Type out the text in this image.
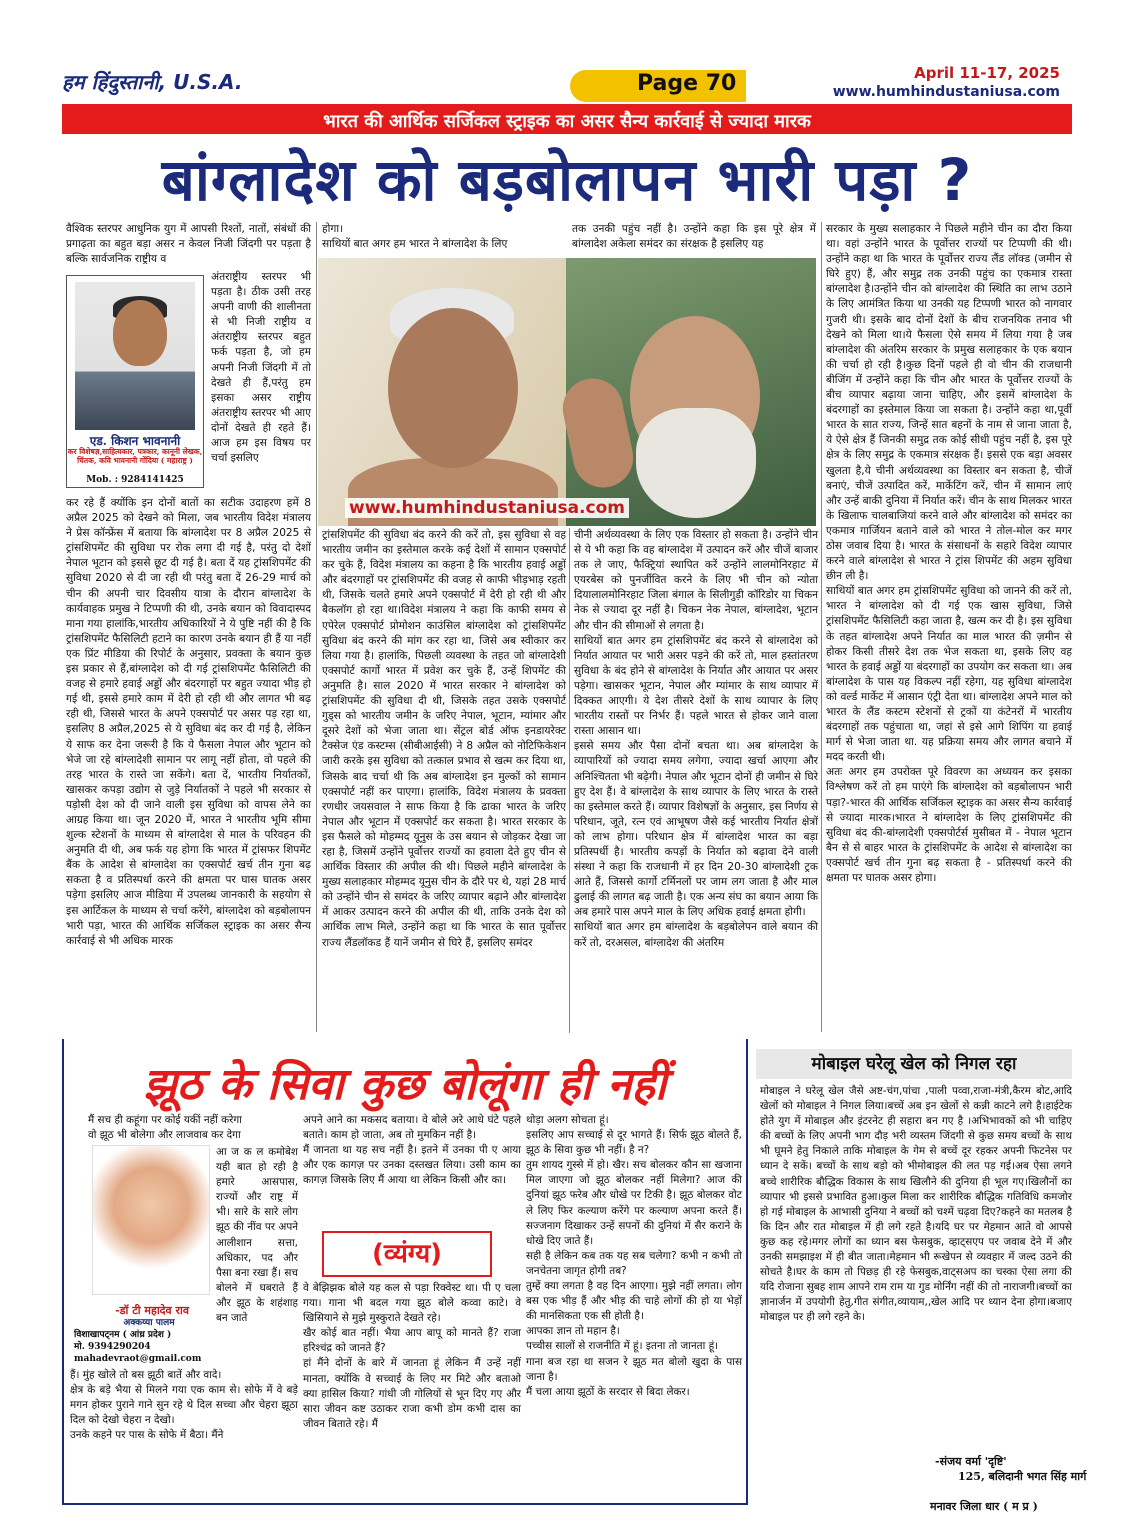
हम हिंदुस्तानी, U.S.A.	Page 70	April 11-17, 2025
www.humhindustaniusa.com
भारत की आर्थिक सर्जिकल स्ट्राइक का असर सैन्य कार्रवाई से ज्यादा मारक
बांग्लादेश को बड़बोलापन भारी पड़ा ?
वैश्विक स्तरपर आधुनिक युग में आपसी रिश्तों, नातों, संबंधों की प्रगाढ़ता का बहुत बड़ा असर न केवल निजी जिंदगी पर पड़ता है बल्कि सार्वजनिक राष्ट्रीय व
एड. किशन भावनानी
कर विशेषज्ञ,साहित्यकार, पत्रकार, कानूनी लेखक, चिंतक, कवि भावनानी गोंदिया ( महाराष्ट्र )
Mob. : 9284141425
अंतराष्ट्रीय स्तरपर भी पड़ता है। ठीक उसी तरह अपनी वाणी की शालीनता से भी निजी राष्ट्रीय व अंतराष्ट्रीय स्तरपर बहुत फर्क पड़ता है, जो हम अपनी निजी जिंदगी में तो देखते ही हैं,परंतु हम इसका असर राष्ट्रीय अंतराष्ट्रीय स्तरपर भी आए दोनों देखते ही रहते हैं। आज हम इस विषय पर चर्चा इसलिए
कर रहे हैं क्योंकि इन दोनों बातों का सटीक उदाहरण हमें 8 अप्रैल 2025 को देखने को मिला, जब भारतीय विदेश मंत्रालय ने प्रेस कॉन्फ्रेंस में बताया कि बांग्लादेश पर 8 अप्रैल 2025 से ट्रांसशिपमेंट की सुविधा पर रोक लगा दी गई है, परंतु दो देशों नेपाल भूटान को इससे छूट दी गई है। बता दें यह ट्रांसशिपमेंट की सुविधा 2020 से दी जा रही थी परंतु बता दें 26-29 मार्च को चीन की अपनी चार दिवसीय यात्रा के दौरान बांग्लादेश के कार्यवाहक प्रमुख ने टिप्पणी की थी, उनके बयान को विवादास्पद माना गया हालांकि,भारतीय अधिकारियों ने ये पुष्टि नहीं की है कि ट्रांसशिपमेंट फैसिलिटी हटाने का कारण उनके बयान ही हैं या नहीं एक प्रिंट मीडिया की रिपोर्ट के अनुसार, प्रवक्ता के बयान कुछ इस प्रकार से हैं,बांग्लादेश को दी गई ट्रांसशिपमेंट फैसिलिटी की वजह से हमारे हवाई अड्डों और बंदरगाहों पर बहुत ज्यादा भीड़ हो गई थी, इससे हमारे काम में देरी हो रही थी और लागत भी बढ़ रही थी, जिससे भारत के अपने एक्सपोर्ट पर असर पड़ रहा था, इसलिए 8 अप्रैल,2025 से ये सुविधा बंद कर दी गई है, लेकिन ये साफ कर देना जरूरी है कि ये फैसला नेपाल और भूटान को भेजे जा रहे बांग्लादेशी सामान पर लागू नहीं होता, वो पहले की तरह भारत के रास्ते जा सकेंगे। बता दें, भारतीय निर्यातकों, खासकर कपड़ा उद्योग से जुड़े निर्यातकों ने पहले भी सरकार से पड़ोसी देश को दी जाने वाली इस सुविधा को वापस लेने का आग्रह किया था। जून 2020 में, भारत ने भारतीय भूमि सीमा शुल्क स्टेशनों के माध्यम से बांग्लादेश से माल के परिवहन की अनुमति दी थी, अब फर्क यह होगा कि भारत में ट्रांसफर शिपमेंट बैंक के आदेश से बांग्लादेश का एक्सपोर्ट खर्च तीन गुना बढ़ सकता है व प्रतिस्पर्धा करने की क्षमता पर घास घातक असर पड़ेगा इसलिए आज मीडिया में उपलब्ध जानकारी के सहयोग से इस आर्टिकल के माध्यम से चर्चा करेंगे, बांग्लादेश को बड़बोलापन भारी पड़ा, भारत की आर्थिक सर्जिकल स्ट्राइक का असर सैन्य कार्रवाई से भी अधिक मारक
होगा।
साथियों बात अगर हम भारत ने बांग्लादेश के लिए
तक उनकी पहुंच नहीं है। उन्होंने कहा कि इस पूरे क्षेत्र में बांग्लादेश अकेला समंदर का संरक्षक है इसलिए यह
www.humhindustaniusa.com
ट्रांसशिपमेंट की सुविधा बंद करने की करें तो, इस सुविधा से वह भारतीय जमीन का इस्तेमाल करके कई देशों में सामान एक्सपोर्ट कर चुके हैं, विदेश मंत्रालय का कहना है कि भारतीय हवाई अड्डों और बंदरगाहों पर ट्रांसशिपमेंट की वजह से काफी भीड़भाड़ रहती थी, जिसके चलते हमारे अपने एक्सपोर्ट में देरी हो रही थी और बैकलॉग हो रहा था।विदेश मंत्रालय ने कहा कि काफी समय से एपेरेल एक्सपोर्ट प्रोमोशन काउंसिल बांग्लादेश को ट्रांसशिपमेंट सुविधा बंद करने की मांग कर रहा था, जिसे अब स्वीकार कर लिया गया है। हालांकि, पिछली व्यवस्था के तहत जो बांग्लादेशी एक्सपोर्ट कार्गो भारत में प्रवेश कर चुके हैं, उन्हें शिपमेंट की अनुमति है। साल 2020 में भारत सरकार ने बांग्लादेश को ट्रांसशिपमेंट की सुविधा दी थी, जिसके तहत उसके एक्सपोर्ट गुड्स को भारतीय जमीन के जरिए नेपाल, भूटान, म्यांमार और दूसरे देशों को भेजा जाता था। सेंट्रल बोर्ड ऑफ इनडायरेक्ट टैक्सेज एंड कस्टम्स (सीबीआईसी) ने 8 अप्रैल को नोटिफिकेशन जारी करके इस सुविधा को तत्काल प्रभाव से खत्म कर दिया था, जिसके बाद चर्चा थी कि अब बांग्लादेश इन मुल्कों को सामान एक्सपोर्ट नहीं कर पाएगा। हालांकि, विदेश मंत्रालय के प्रवक्ता रणधीर जयसवाल ने साफ किया है कि ढाका भारत के जरिए नेपाल और भूटान में एक्सपोर्ट कर सकता है। भारत सरकार के इस फैसले को मोहम्मद यूनुस के उस बयान से जोड़कर देखा जा रहा है, जिसमें उन्होंने पूर्वोत्तर राज्यों का हवाला देते हुए चीन से आर्थिक विस्तार की अपील की थी। पिछले महीने बांग्लादेश के मुख्य सलाहकार मोहम्मद यूनुस चीन के दौरे पर थे, यहां 28 मार्च को उन्होंने चीन से समंदर के जरिए व्यापार बढ़ाने और बांग्लादेश में आकर उत्पादन करने की अपील की थी, ताकि उनके देश को आर्थिक लाभ मिले, उन्होंने कहा था कि भारत के सात पूर्वोत्तर राज्य लैंडलॉकड हैं यानें जमीन से घिरे हैं, इसलिए समंदर
चीनी अर्थव्यवस्था के लिए एक विस्तार हो सकता है। उन्होंने चीन से ये भी कहा कि वह बांग्लादेश में उत्पादन करें और चीजें बाजार तक ले जाए, फैक्ट्रियां स्थापित करें उन्होंने लालमोनिरहाट में एयरबेस को पुनर्जीवित करने के लिए भी चीन को न्योता दियालालमोनिरहाट जिला बंगाल के सिलीगुड़ी कॉरिडोर या चिकन नेक से ज्यादा दूर नहीं है। चिकन नेक नेपाल, बांग्लादेश, भूटान और चीन की सीमाओं से लगता है।
साथियों बात अगर हम ट्रांसशिपमेंट बंद करने से बांग्लादेश को निर्यात आयात पर भारी असर पड़ने की करें तो, माल हस्तांतरण सुविधा के बंद होने से बांग्लादेश के निर्यात और आयात पर असर पड़ेगा। खासकर भूटान, नेपाल और म्यांमार के साथ व्यापार में दिक्कत आएगी। ये देश तीसरे देशों के साथ व्यापार के लिए भारतीय रास्तों पर निर्भर हैं। पहले भारत से होकर जाने वाला रास्ता आसान था।
इससे समय और पैसा दोनों बचता था। अब बांग्लादेश के व्यापारियों को ज्यादा समय लगेगा, ज्यादा खर्चा आएगा और अनिश्चितता भी बढ़ेगी। नेपाल और भूटान दोनों ही जमीन से घिरे हुए देश हैं। वे बांग्लादेश के साथ व्यापार के लिए भारत के रास्ते का इस्तेमाल करते हैं। व्यापार विशेषज्ञों के अनुसार, इस निर्णय से परिधान, जूते, रत्न एवं आभूषण जैसे कई भारतीय निर्यात क्षेत्रों को लाभ होगा। परिधान क्षेत्र में बांग्लादेश भारत का बड़ा प्रतिस्पर्धी है। भारतीय कपड़ों के निर्यात को बढ़ावा देने वाली संस्था ने कहा कि राजधानी में हर दिन 20-30 बांग्लादेशी ट्रक आते हैं, जिससे कार्गो टर्मिनलों पर जाम लग जाता है और माल ढुलाई की लागत बढ़ जाती है। एक अन्य संघ का बयान आया कि अब हमारे पास अपने माल के लिए अधिक हवाई क्षमता होगी।
साथियों बात अगर हम बांग्लादेश के बड़बोलेपन वाले बयान की करें तो, दरअसल, बांग्लादेश की अंतरिम
सरकार के मुख्य सलाहकार ने पिछले महीने चीन का दौरा किया था। वहां उन्होंने भारत के पूर्वोत्तर राज्यों पर टिप्पणी की थी। उन्होंने कहा था कि भारत के पूर्वोत्तर राज्य लैंड लॉक्ड (जमीन से घिरे हुए) हैं, और समुद्र तक उनकी पहुंच का एकमात्र रास्ता बांग्लादेश है।उन्होंने चीन को बांग्लादेश की स्थिति का लाभ उठाने के लिए आमंत्रित किया था उनकी यह टिप्पणी भारत को नागवार गुजरी थी। इसके बाद दोनों देशों के बीच राजनयिक तनाव भी देखने को मिला था।ये फैसला ऐसे समय में लिया गया है जब बांग्लादेश की अंतरिम सरकार के प्रमुख सलाहकार के एक बयान की चर्चा हो रही है।कुछ दिनों पहले ही वो चीन की राजधानी बीजिंग में उन्होंने कहा कि चीन और भारत के पूर्वोत्तर राज्यों के बीच व्यापार बढ़ाया जाना चाहिए, और इसमें बांग्लादेश के बंदरगाहों का इस्तेमाल किया जा सकता है। उन्होंने कहा था,पूर्वी भारत के सात राज्य, जिन्हें सात बहनों के नाम से जाना जाता है, ये ऐसे क्षेत्र हैं जिनकी समुद्र तक कोई सीधी पहुंच नहीं है, इस पूरे क्षेत्र के लिए समुद्र के एकमात्र संरक्षक हैं। इससे एक बड़ा अवसर खुलता है,ये चीनी अर्थव्यवस्था का विस्तार बन सकता है, चीजें बनाएं, चीजें उत्पादित करें, मार्केटिंग करें, चीन में सामान लाएं और उन्हें बाकी दुनिया में निर्यात करें। चीन के साथ मिलकर भारत के खिलाफ चालबाजियां करने वाले और बांग्लादेश को समंदर का एकमात्र गार्जियन बताने वाले को भारत ने तोल-मोल कर मगर ठोस जवाब दिया है। भारत के संसाधनों के सहारे विदेश व्यापार करने वाले बांग्लादेश से भारत ने ट्रांस शिपमेंट की अहम सुविधा छीन ली है।
साथियों बात अगर हम ट्रांसशिपमेंट सुविधा को जानने की करें तो, भारत ने बांग्लादेश को दी गई एक खास सुविधा, जिसे ट्रांसशिपमेंट फैसिलिटी कहा जाता है, खत्म कर दी है। इस सुविधा के तहत बांग्लादेश अपने निर्यात का माल भारत की ज़मीन से होकर किसी तीसरे देश तक भेज सकता था, इसके लिए वह भारत के हवाई अड्डों या बंदरगाहों का उपयोग कर सकता था। अब बांग्लादेश के पास यह विकल्प नहीं रहेगा, यह सुविधा बांग्लादेश को वर्ल्ड मार्केट में आसान एंट्री देता था। बांग्लादेश अपने माल को भारत के लैंड कस्टम स्टेशनों से ट्रकों या कंटेनरों में भारतीय बंदरगाहों तक पहुंचाता था, जहां से इसे आगे शिपिंग या हवाई मार्ग से भेजा जाता था. यह प्रक्रिया समय और लागत बचाने में मदद करती थी।
अतः अगर हम उपरोक्त पूरे विवरण का अध्ययन कर इसका विश्लेषण करें तो हम पाएंगे कि बांग्लादेश को बड़बोलापन भारी पड़ा?-भारत की आर्थिक सर्जिकल स्ट्राइक का असर सैन्य कार्रवाई से ज्यादा मारक।भारत ने बांग्लादेश के लिए ट्रांसशिपमेंट की सुविधा बंद की-बांग्लादेशी एक्सपोर्टर्स मुसीबत में - नेपाल भूटान बैन से से बाहर भारत के ट्रांसशिपमेंट के आदेश से बांग्लादेश का एक्सपोर्ट खर्च तीन गुना बढ़ सकता है - प्रतिस्पर्धा करने की क्षमता पर घातक असर होगा।
झूठ के सिवा कुछ बोलूंगा ही नहीं
मैं सच ही कहूंगा पर कोई यकीं नहीं करेगा
वो झूठ भी बोलेगा और लाजवाब कर देगा
-डॉ टी महादेव राव
अक्कय्या पालम
विशाखापट्नम ( आंध्र प्रदेश )
मो. 9394290204
mahadevraot@gmail.com
आ ज क ल कमोबेश यही बात हो रही है हमारे आसपास, राज्यों और राष्ट्र में भी। सारे के सारे लोग झूठ की नींव पर अपने आलीशान सत्ता, अधिकार, पद और पैसा बना रखा हैं। सच बोलने में घबराते हैं और झूठ के शहंशाह बन जाते
हैं। मुंह खोले तो बस झूठी बातें और वादे।
क्षेत्र के बड़े भैया से मिलने गया एक काम से। सोफे में वे बड़े मगन होकर पुराने गाने सुन रहे थे दिल सच्चा और चेहरा झूठा दिल को देखो चेहरा न देखो।
उनके कहने पर पास के सोफे में बैठा। मैंने
अपने आने का मकसद बताया। वे बोले अरे आधे घंटे पहले बताते। काम हो जाता, अब तो मुमकिन नहीं है।
मैं जानता था यह सच नहीं है। इतने में उनका पी ए आया और एक कागज़ पर उनका दस्तखत लिया। उसी काम का कागज़ जिसके लिए मैं आया था लेकिन किसी और का।
(व्यंग्य)
वे बेझिझक बोले यह कल से पड़ा रिक्वेस्ट था। पी ए चला गया। गाना भी बदल गया झूठ बोले कव्वा काटे। वे खिसियाने से मुझे मुस्कुराते देखते रहे।
खैर कोई बात नहीं। भैया आप बापू को मानते हैं? राजा हरिश्चंद्र को जानते हैं?
हां मैंने दोनों के बारे में जानता हूं लेकिन मैं उन्हें नहीं मानता, क्योंकि वे सच्चाई के लिए मर मिटे और बताओ क्या हासिल किया? गांधी जी गोलियों से भून दिए गए और सारा जीवन कष्ट उठाकर राजा कभी डोम कभी दास का जीवन बिताते रहे। मैं
थोड़ा अलग सोचता हूं।
इसलिए आप सच्चाई से दूर भागते हैं। सिर्फ झूठ बोलते हैं, झूठ के सिवा कुछ भी नहीं। है न?
तुम शायद गुस्से में हो। खैर। सच बोलकर कौन सा खजाना मिल जाएगा जो झूठ बोलकर नहीं मिलेगा? आज की दुनियां झूठ फरेब और धोखे पर टिकी है। झूठ बोलकर वोट ले लिए फिर कल्याण करेंगे पर कल्याण अपना करते हैं। सज्जनाग दिखाकर उन्हें सपनों की दुनियां में सैर कराने के धोखे दिए जाते हैं।
सही है लेकिन कब तक यह सब चलेगा? कभी न कभी तो जनचेतना जागृत होगी तब?
तुम्हें क्या लगता है वह दिन आएगा। मुझे नहीं लगता। लोग बस एक भीड़ हैं और भीड़ की चाहे लोगों की हो या भेड़ों की मानसिकता एक सी होती है।
आपका ज्ञान तो महान है।
पच्चीस सालों से राजनीति में हूं। इतना तो जानता हूं।
गाना बज रहा था सजन रे झूठ मत बोलो खुदा के पास जाना है।
मैं चला आया झूठों के सरदार से बिदा लेकर।
मोबाइल घरेलू खेल को निगल रहा
मोबाइल ने घरेलू खेल जैसे अष्ट-चंग,पांचा ,पाली पव्वा,राजा-मंत्री,कैरम बोट,आदि खेलों को मोबाइल ने निगल लिया।बच्चें अब इन खेलों से कन्नी काटने लगे है।हाईटेक होते युग में मोबाइल और इंटरनेट ही सहारा बन गए है ।अभिभावकों को भी चाहिए की बच्चों के लिए अपनी भाग दौड़ भरी व्यस्तम जिंदगी से कुछ समय बच्चों के साथ भी घूमने हेतु निकाले ताकि मोबाइल के गेम से बच्चें दूर रहकर अपनी फिटनेस पर ध्यान दे सकें। बच्चों के साथ बड़ो को भीमोबाइल की लत पड़ गई।अब ऐसा लगने बच्चे शारीरिक बौद्धिक विकास के साथ खिलौने की दुनिया ही भूल गए।खिलौनों का व्यापार भी इससे प्रभावित हुआ।कुल मिला कर शारीरिक बौद्धिक गतिविधि कमजोर हो गई मोबाइल के आभासी दुनिया ने बच्चों को चश्में चढ़वा दिए?कहने का मतलब है कि दिन और रात मोबाइल में ही लगे रहते है।यदि घर पर मेहमान आते वो आपसे कुछ कह रहे।मगर लोगों का ध्यान बस फेसबुक, व्हाट्सएप पर जवाब देने में और उनकी समझाइश में ही बीत जाता।मेहमान भी रूखेपन से व्यवहार में जल्द उठने की सोचते है।घर के काम तो पिछड़ ही रहे फेसबुक,वाट्सअप का चस्का ऐसा लगा की यदि रोजाना सुबह शाम आपने राम राम या गुड मोर्निंग नहीं की तो नाराजगी।बच्चों का ज्ञानार्जन में उपयोगी हेतु,गीत संगीत,व्यायाम,,खेल आदि पर ध्यान देना होगा।बजाए मोबाइल पर ही लगे रहने के।
-संजय वर्मा 'दृष्टि'
125, बलिदानी भगत सिंह मार्ग
मनावर जिला धार ( म प्र )
